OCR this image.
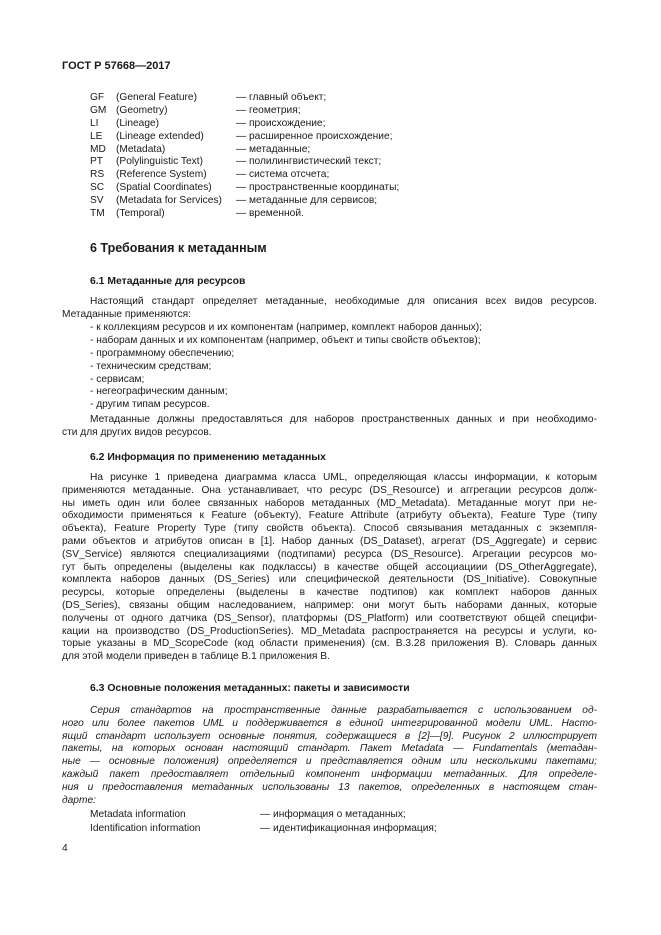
ГОСТ Р 57668—2017
GF (General Feature)	— главный объект;
GM (Geometry)	— геометрия;
LI (Lineage)	— происхождение;
LE (Lineage extended)	— расширенное происхождение;
MD (Metadata)	— метаданные;
PT (Polylinguistic Text)	— полилингвистический текст;
RS (Reference System)	— система отсчета;
SC (Spatial Coordinates) — пространственные координаты;
SV (Metadata for Services) — метаданные для сервисов;
TM (Temporal)	— временной.
6 Требования к метаданным
6.1 Метаданные для ресурсов
Настоящий стандарт определяет метаданные, необходимые для описания всех видов ресурсов.
Метаданные применяются:
- к коллекциям ресурсов и их компонентам (например, комплект наборов данных);
- наборам данных и их компонентам (например, объект и типы свойств объектов);
- программному обеспечению;
- техническим средствам;
- сервисам;
- негеографическим данным;
- другим типам ресурсов.
Метаданные должны предоставляться для наборов пространственных данных и при необходимо-
сти для других видов ресурсов.
6.2 Информация по применению метаданных
На рисунке 1 приведена диаграмма класса UML, определяющая классы информации, к которым
применяются метаданные. Она устанавливает, что ресурс (DS_Resource) и аггрегации ресурсов долж-
ны иметь один или более связанных наборов метаданных (MD_Metadata). Метаданные могут при не-
обходимости применяться к Feature (объекту), Feature Attribute (атрибуту объекта), Feature Type (типу
объекта), Feature Property Type (типу свойств объекта). Способ связывания метаданных с экземпля-
рами объектов и атрибутов описан в [1]. Набор данных (DS_Dataset), агрегат (DS_Aggregate) и сервис
(SV_Service) являются специализациями (подтипами) ресурса (DS_Resource). Агрегации ресурсов мо-
гут быть определены (выделены как подклассы) в качестве общей ассоциациии (DS_OtherAggregate),
комплекта наборов данных (DS_Series) или специфической деятельности (DS_Initiative). Совокупные
ресурсы, которые определены (выделены в качестве подтипов) как комплект наборов данных
(DS_Series), связаны общим наследованием, например: они могут быть наборами данных, которые
получены от одного датчика (DS_Sensor), платформы (DS_Platform) или соответствуют общей специфи-
кации на производство (DS_ProductionSeries). MD_Metadata распространяется на ресурсы и услуги, ко-
торые указаны в MD_ScopeCode (код области применения) (см. В.3.28 приложения В). Словарь данных
для этой модели приведен в таблице В.1 приложения В.
6.3 Основные положения метаданных: пакеты и зависимости
Серия стандартов на пространственные данные разрабатывается с использованием од-
ного или более пакетов UML и поддерживается в единой интегрированной модели UML. Насто-
ящий стандарт использует основные понятия, содержащиеся в [2]—[9]. Рисунок 2 иллюстрирует
пакеты, на которых основан настоящий стандарт. Пакет Metadata — Fundamentals (метадан-
ные — основные положения) определяется и представляется одним или несколькими пакетами;
каждый пакет предоставляет отдельный компонент информации метаданных. Для определе-
ния и предоставления метаданных использованы 13 пакетов, определенных в настоящем стан-
дарте:
Metadata information	— информация о метаданных;
Identification information	— идентификационная информация;
4
